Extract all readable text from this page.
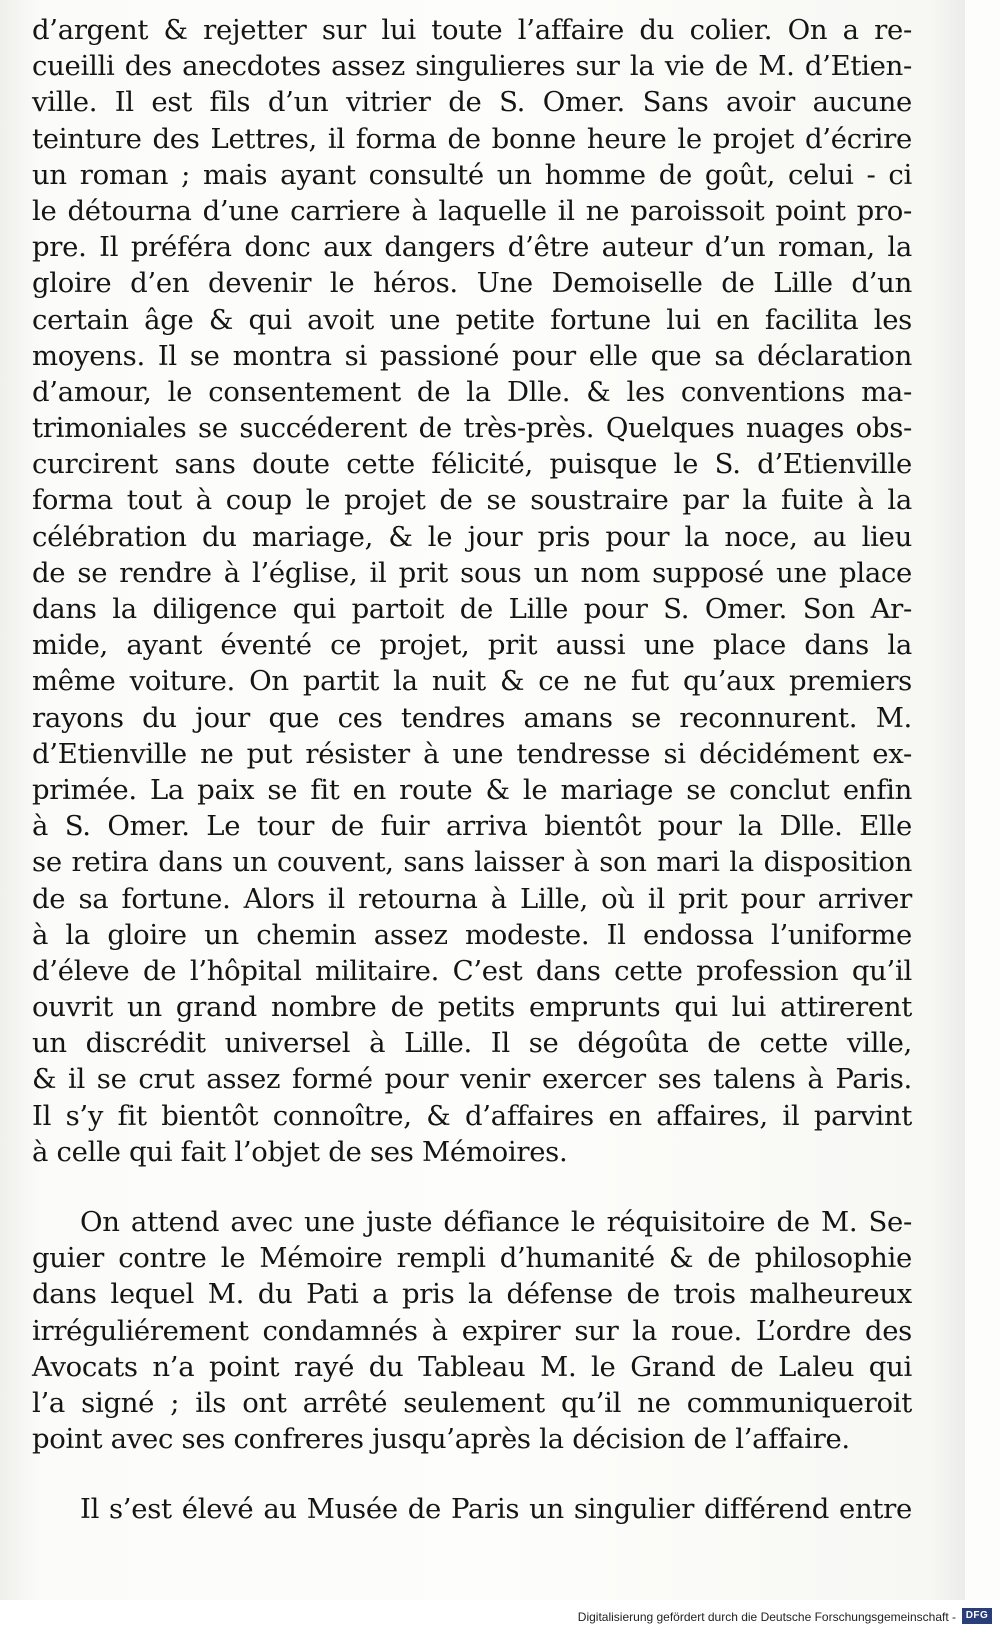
d’argent & rejetter sur lui toute l’affaire du colier. On a re-
cueilli des anecdotes assez singulieres sur la vie de M. d’Etien-
ville. Il est fils d’un vitrier de S. Omer. Sans avoir aucune
teinture des Lettres, il forma de bonne heure le projet d’écrire
un roman ; mais ayant consulté un homme de goût, celui - ci
le détourna d’une carriere à laquelle il ne paroissoit point pro-
pre. Il préféra donc aux dangers d’être auteur d’un roman, la
gloire d’en devenir le héros. Une Demoiselle de Lille d’un
certain âge & qui avoit une petite fortune lui en facilita les
moyens. Il se montra si passioné pour elle que sa déclaration
d’amour, le consentement de la Dlle. & les conventions ma-
trimoniales se succéderent de très-près. Quelques nuages obs-
curcirent sans doute cette félicité, puisque le S. d’Etienville
forma tout à coup le projet de se soustraire par la fuite à la
célébration du mariage, & le jour pris pour la noce, au lieu
de se rendre à l’église, il prit sous un nom supposé une place
dans la diligence qui partoit de Lille pour S. Omer. Son Ar-
mide, ayant éventé ce projet, prit aussi une place dans la
même voiture. On partit la nuit & ce ne fut qu’aux premiers
rayons du jour que ces tendres amans se reconnurent. M.
d’Etienville ne put résister à une tendresse si décidément ex-
primée. La paix se fit en route & le mariage se conclut enfin
à S. Omer. Le tour de fuir arriva bientôt pour la Dlle. Elle
se retira dans un couvent, sans laisser à son mari la disposition
de sa fortune. Alors il retourna à Lille, où il prit pour arriver
à la gloire un chemin assez modeste. Il endossa l’uniforme
d’éleve de l’hôpital militaire. C’est dans cette profession qu’il
ouvrit un grand nombre de petits emprunts qui lui attirerent
un discrédit universel à Lille. Il se dégoûta de cette ville,
& il se crut assez formé pour venir exercer ses talens à Paris.
Il s’y fit bientôt connoître, & d’affaires en affaires, il parvint
à celle qui fait l’objet de ses Mémoires.

On attend avec une juste défiance le réquisitoire de M. Se-
guier contre le Mémoire rempli d’humanité & de philosophie
dans lequel M. du Pati a pris la défense de trois malheureux
irréguliérement condamnés à expirer sur la roue. L’ordre des
Avocats n’a point rayé du Tableau M. le Grand de Laleu qui
l’a signé ; ils ont arrêté seulement qu’il ne communiqueroit
point avec ses confreres jusqu’après la décision de l’affaire.

Il s’est élevé au Musée de Paris un singulier différend entre

Digitalisierung gefördert durch die Deutsche Forschungsgemeinschaft - DFG
